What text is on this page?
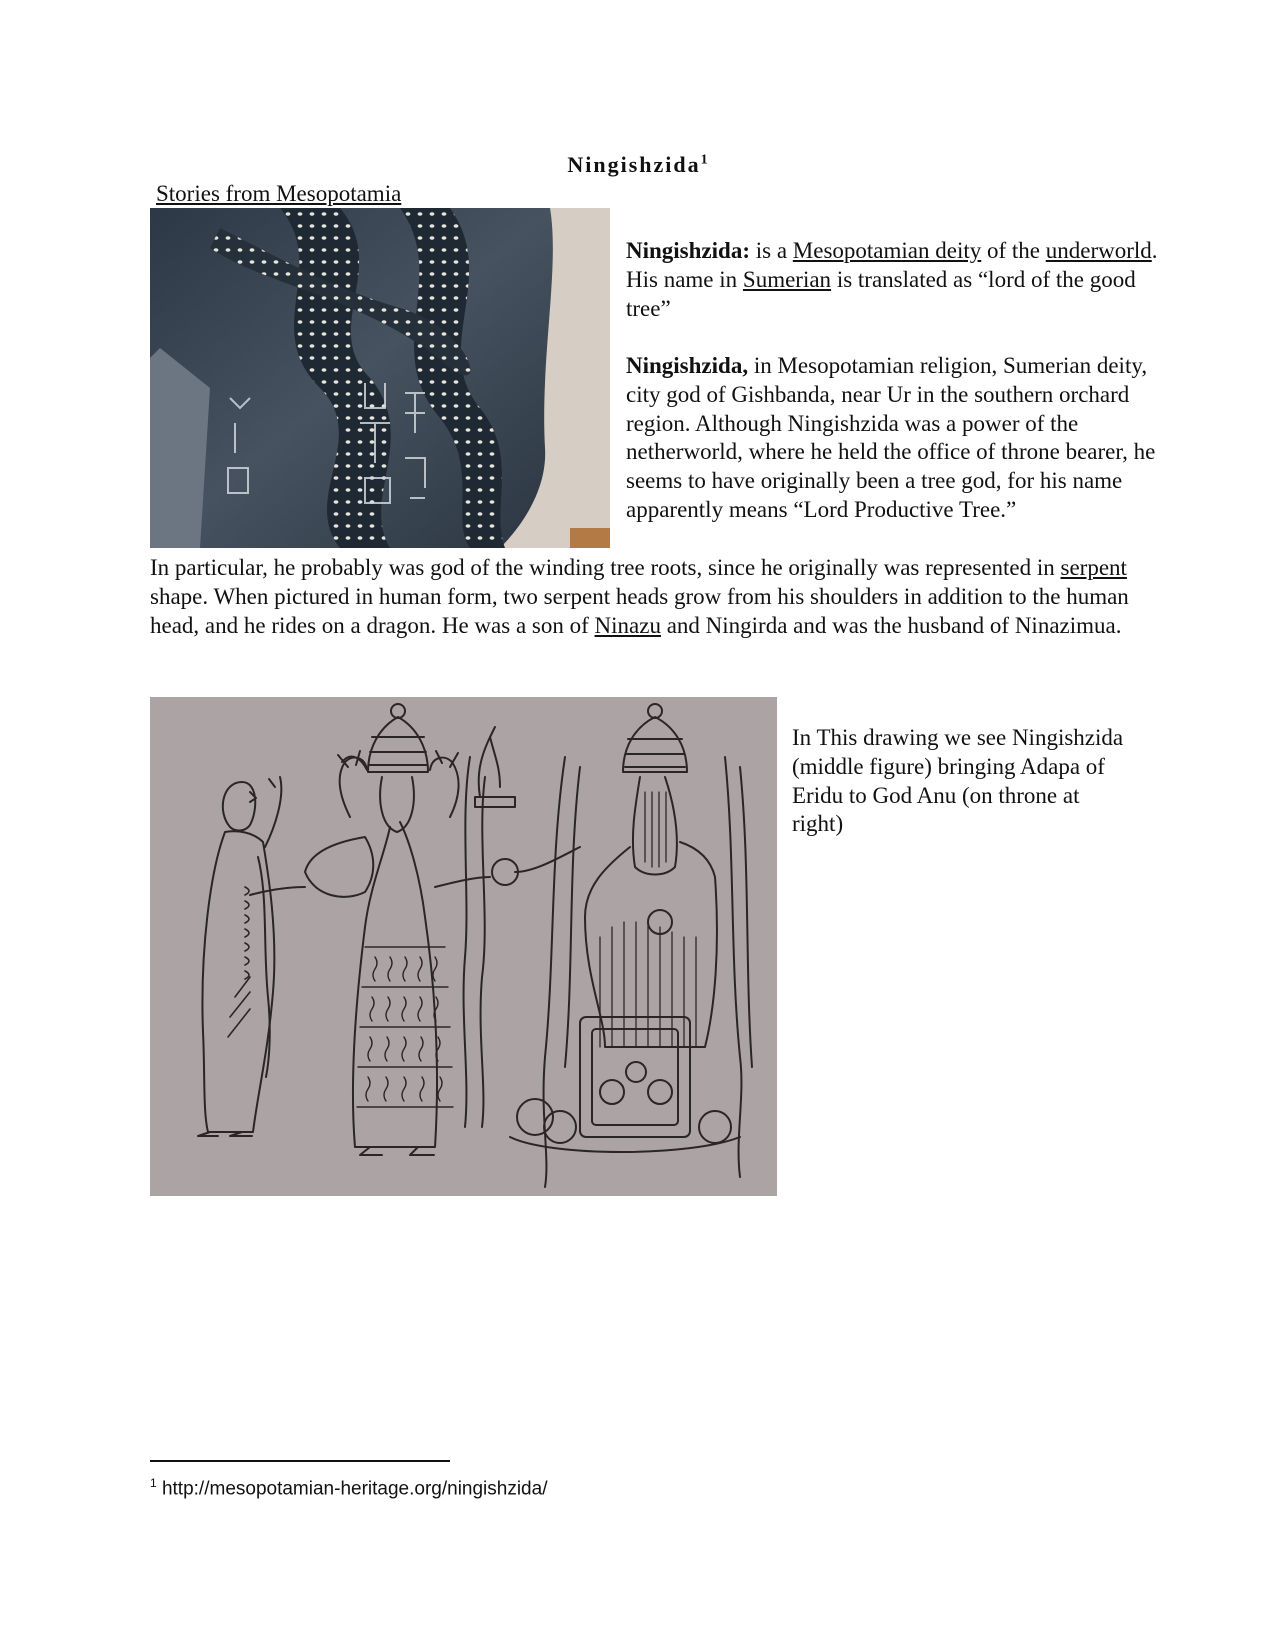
Ningishzida$^1$
Stories from Mesopotamia
Ningishzida: is a Mesopotamian deity of the underworld. His name in Sumerian is translated as “lord of the good tree”
Ningishzida, in Mesopotamian religion, Sumerian deity, city god of Gishbanda, near Ur in the southern orchard region. Although Ningishzida was a power of the netherworld, where he held the office of throne bearer, he seems to have originally been a tree god, for his name apparently means “Lord Productive Tree.”
In particular, he probably was god of the winding tree roots, since he originally was represented in serpent shape. When pictured in human form, two serpent heads grow from his shoulders in addition to the human head, and he rides on a dragon. He was a son of Ninazu and Ningirda and was the husband of Ninazimua.
In This drawing we see Ningishzida (middle figure) bringing Adapa of Eridu to God Anu (on throne at right)
$^1$ http://mesopotamian-heritage.org/ningishzida/
